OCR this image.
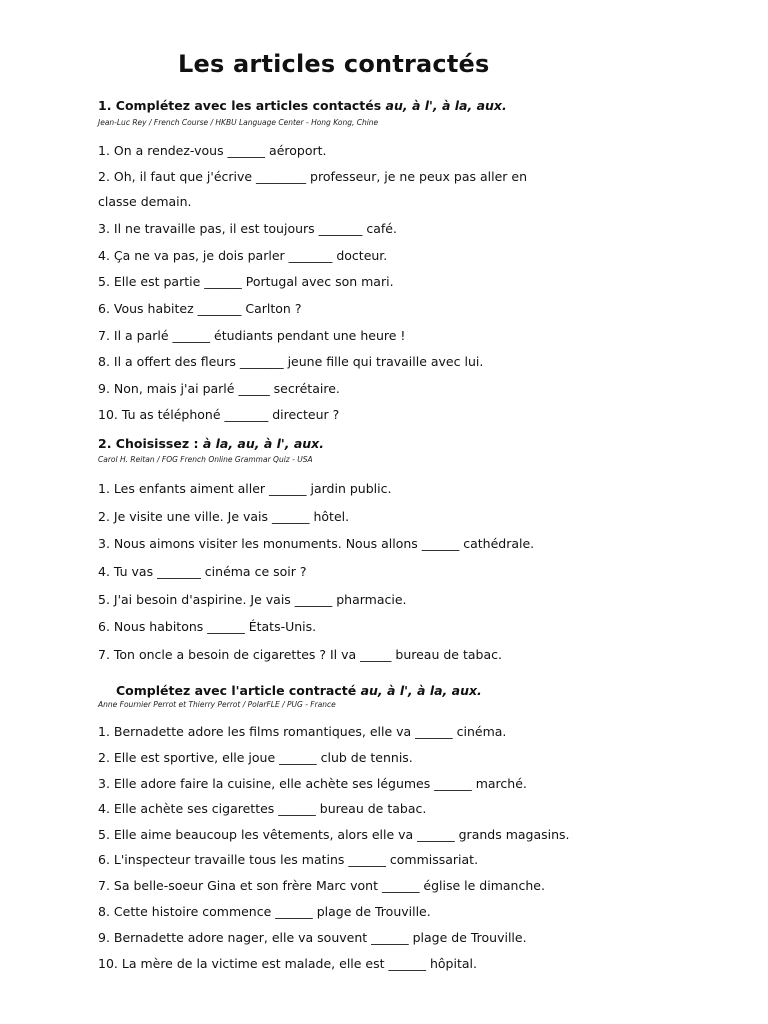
Les articles contractés
1. Complétez avec les articles contactés au, à l', à la, aux.
Jean-Luc Rey / French Course / HKBU Language Center - Hong Kong, Chine
1. On a rendez-vous ______ aéroport.
2. Oh, il faut que j'écrive ________ professeur, je ne peux pas aller en
classe demain.
3. Il ne travaille pas, il est toujours _______ café.
4. Ça ne va pas, je dois parler _______ docteur.
5. Elle est partie ______ Portugal avec son mari.
6. Vous habitez _______ Carlton ?
7. Il a parlé ______ étudiants pendant une heure !
8. Il a offert des fleurs _______ jeune fille qui travaille avec lui.
9. Non, mais j'ai parlé _____ secrétaire.
10. Tu as téléphoné _______ directeur ?
2. Choisissez : à la, au, à l', aux.
Carol H. Reitan / FOG French Online Grammar Quiz - USA
1. Les enfants aiment aller ______ jardin public.
2. Je visite une ville. Je vais ______ hôtel.
3. Nous aimons visiter les monuments. Nous allons ______ cathédrale.
4. Tu vas _______ cinéma ce soir ?
5. J'ai besoin d'aspirine. Je vais ______ pharmacie.
6. Nous habitons ______ États-Unis.
7. Ton oncle a besoin de cigarettes ? Il va _____ bureau de tabac.
Complétez avec l'article contracté au, à l', à la, aux.
Anne Fournier Perrot et Thierry Perrot / PolarFLE / PUG - France
1. Bernadette adore les films romantiques, elle va ______ cinéma.
2. Elle est sportive, elle joue ______ club de tennis.
3. Elle adore faire la cuisine, elle achète ses légumes ______ marché.
4. Elle achète ses cigarettes ______ bureau de tabac.
5. Elle aime beaucoup les vêtements, alors elle va ______ grands magasins.
6. L'inspecteur travaille tous les matins ______ commissariat.
7. Sa belle-soeur Gina et son frère Marc vont ______ église le dimanche.
8. Cette histoire commence ______ plage de Trouville.
9. Bernadette adore nager, elle va souvent ______ plage de Trouville.
10. La mère de la victime est malade, elle est ______ hôpital.
